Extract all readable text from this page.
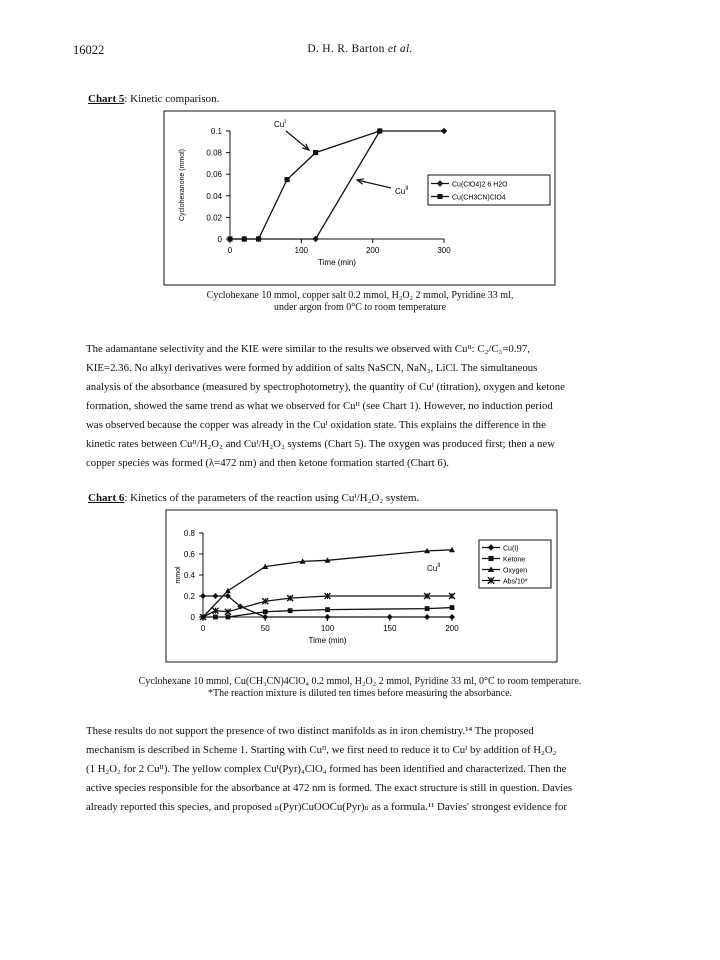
16022	D. H. R. Barton et al.
Chart 5: Kinetic comparison.
0
0.02
0.04
0.06
0.08
0.1
0	100	200	300
Time (min)
Cyclohexanone (mmol)	Cu(ClO4)2 6 H2O
Cu(CH3CN)ClO4
$Cu^I$
$Cu^{II}$
Cyclohexane 10 mmol, copper salt 0.2 mmol, H₂O₂ 2 mmol, Pyridine 33 ml,
under argon from 0°C to room temperature
The adamantane selectivity and the KIE were similar to the results we observed with Cuᴵᴵ: C₂/C₃=0.97,
KIE=2.36. No alkyl derivatives were formed by addition of salts NaSCN, NaN₃, LiCl. The simultaneous
analysis of the absorbance (measured by spectrophotometry), the quantity of Cuᴵ (titration), oxygen and ketone
formation, showed the same trend as what we observed for Cuᴵᴵ (see Chart 1). However, no induction period
was observed because the copper was already in the Cuᴵ oxidation state. This explains the difference in the
kinetic rates between Cuᴵᴵ/H₂O₂ and Cuᴵ/H₂O₂ systems (Chart 5). The oxygen was produced first; then a new
copper species was formed (λ=472 nm) and then ketone formation started (Chart 6).
Chart 6: Kinetics of the parameters of the reaction using Cuᴵ/H₂O₂ system.
0
0.2
0.4
0.6
0.8
0	50	100	150	200
Time (min)
mmol
Cu(I)
Ketone
Oxygen
Abs/10*
$Cu^{II}$
Cyclohexane 10 mmol, Cu(CH₃CN)4ClO₄ 0.2 mmol, H₂O₂ 2 mmol, Pyridine 33 ml, 0°C to room temperature.
*The reaction mixture is diluted ten times before measuring the absorbance.
These results do not support the presence of two distinct manifolds as in iron chemistry.¹⁴ The proposed
mechanism is described in Scheme 1. Starting with Cuᴵᴵ, we first need to reduce it to Cuᴵ by addition of H₂O₂
(1 H₂O₂ for 2 Cuᴵᴵ). The yellow complex Cuᴵ(Pyr)₄ClO₄ formed has been identified and characterized. Then the
active species responsible for the absorbance at 472 nm is formed. The exact structure is still in question. Davies
already reported this species, and proposed ₙ(Pyr)CuOOCu(Pyr)ₙ as a formula.¹¹ Davies' strongest evidence for
